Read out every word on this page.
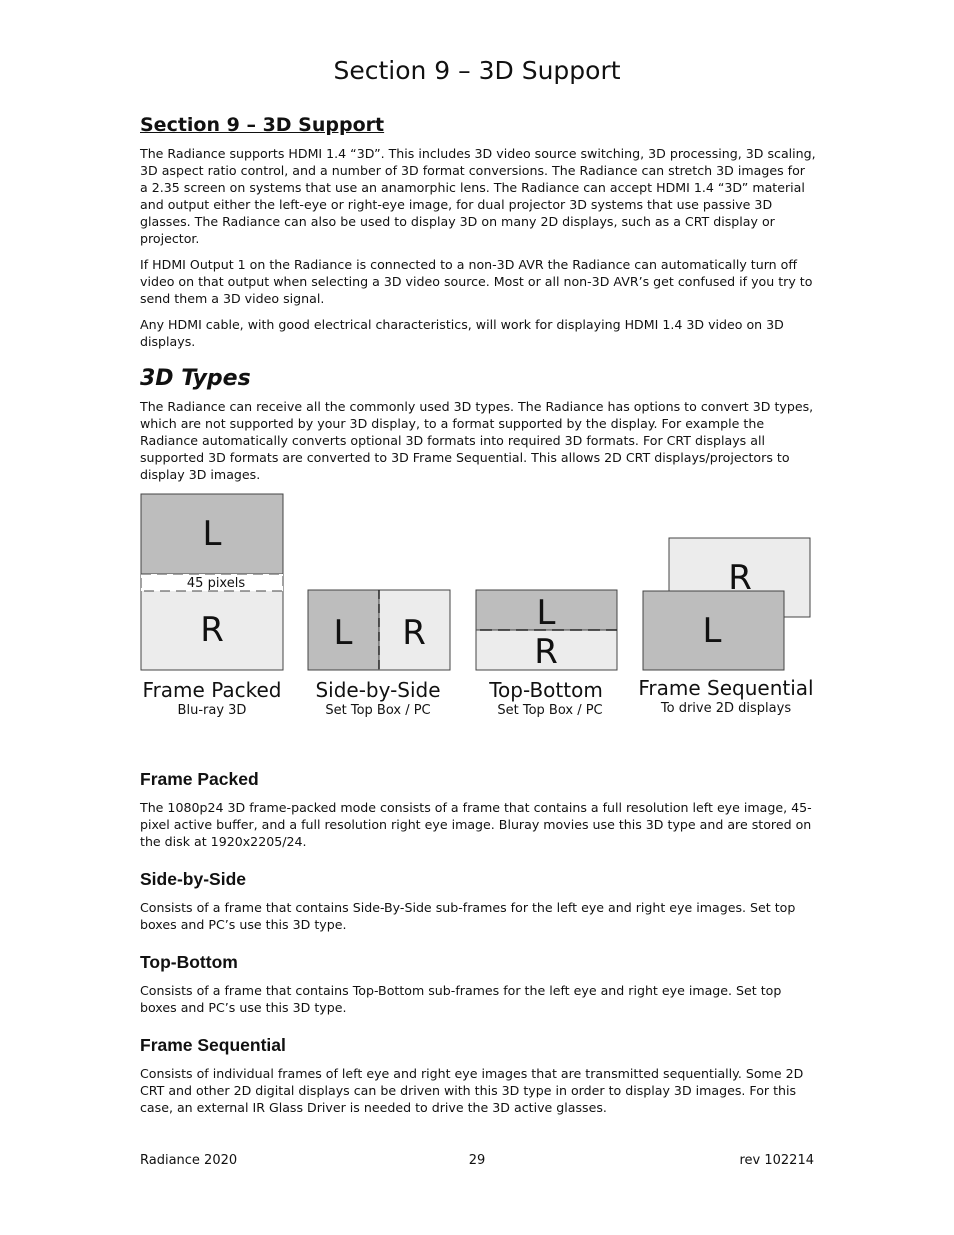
Section 9 – 3D Support
Section 9 – 3D Support

The Radiance supports HDMI 1.4 “3D”. This includes 3D video source switching, 3D processing, 3D scaling, 3D aspect ratio control, and a number of 3D format conversions. The Radiance can stretch 3D images for a 2.35 screen on systems that use an anamorphic lens. The Radiance can accept HDMI 1.4 “3D” material and output either the left-eye or right-eye image, for dual projector 3D systems that use passive 3D glasses. The Radiance can also be used to display 3D on many 2D displays, such as a CRT display or projector.

If HDMI Output 1 on the Radiance is connected to a non-3D AVR the Radiance can automatically turn off video on that output when selecting a 3D video source. Most or all non-3D AVR’s get confused if you try to send them a 3D video signal.

Any HDMI cable, with good electrical characteristics, will work for displaying HDMI 1.4 3D video on 3D displays.

3D Types

The Radiance can receive all the commonly used 3D types. The Radiance has options to convert 3D types, which are not supported by your 3D display, to a format supported by the display. For example the Radiance automatically converts optional 3D formats into required 3D formats. For CRT displays all supported 3D formats are converted to 3D Frame Sequential. This allows 2D CRT displays/projectors to display 3D images.

L
45 pixels
R
Frame Packed
Blu-ray 3D
L R
Side-by-Side
Set Top Box / PC
L
R
Top-Bottom
Set Top Box / PC
R
L
Frame Sequential
To drive 2D displays
Frame Packed

The 1080p24 3D frame-packed mode consists of a frame that contains a full resolution left eye image, 45-pixel active buffer, and a full resolution right eye image. Bluray movies use this 3D type and are stored on the disk at 1920x2205/24.

Side-by-Side

Consists of a frame that contains Side-By-Side sub-frames for the left eye and right eye images. Set top boxes and PC’s use this 3D type.

Top-Bottom

Consists of a frame that contains Top-Bottom sub-frames for the left eye and right eye image. Set top boxes and PC’s use this 3D type.

Frame Sequential

Consists of individual frames of left eye and right eye images that are transmitted sequentially. Some 2D CRT and other 2D digital displays can be driven with this 3D type in order to display 3D images. For this case, an external IR Glass Driver is needed to drive the 3D active glasses.

Radiance 2020	29	rev 102214
